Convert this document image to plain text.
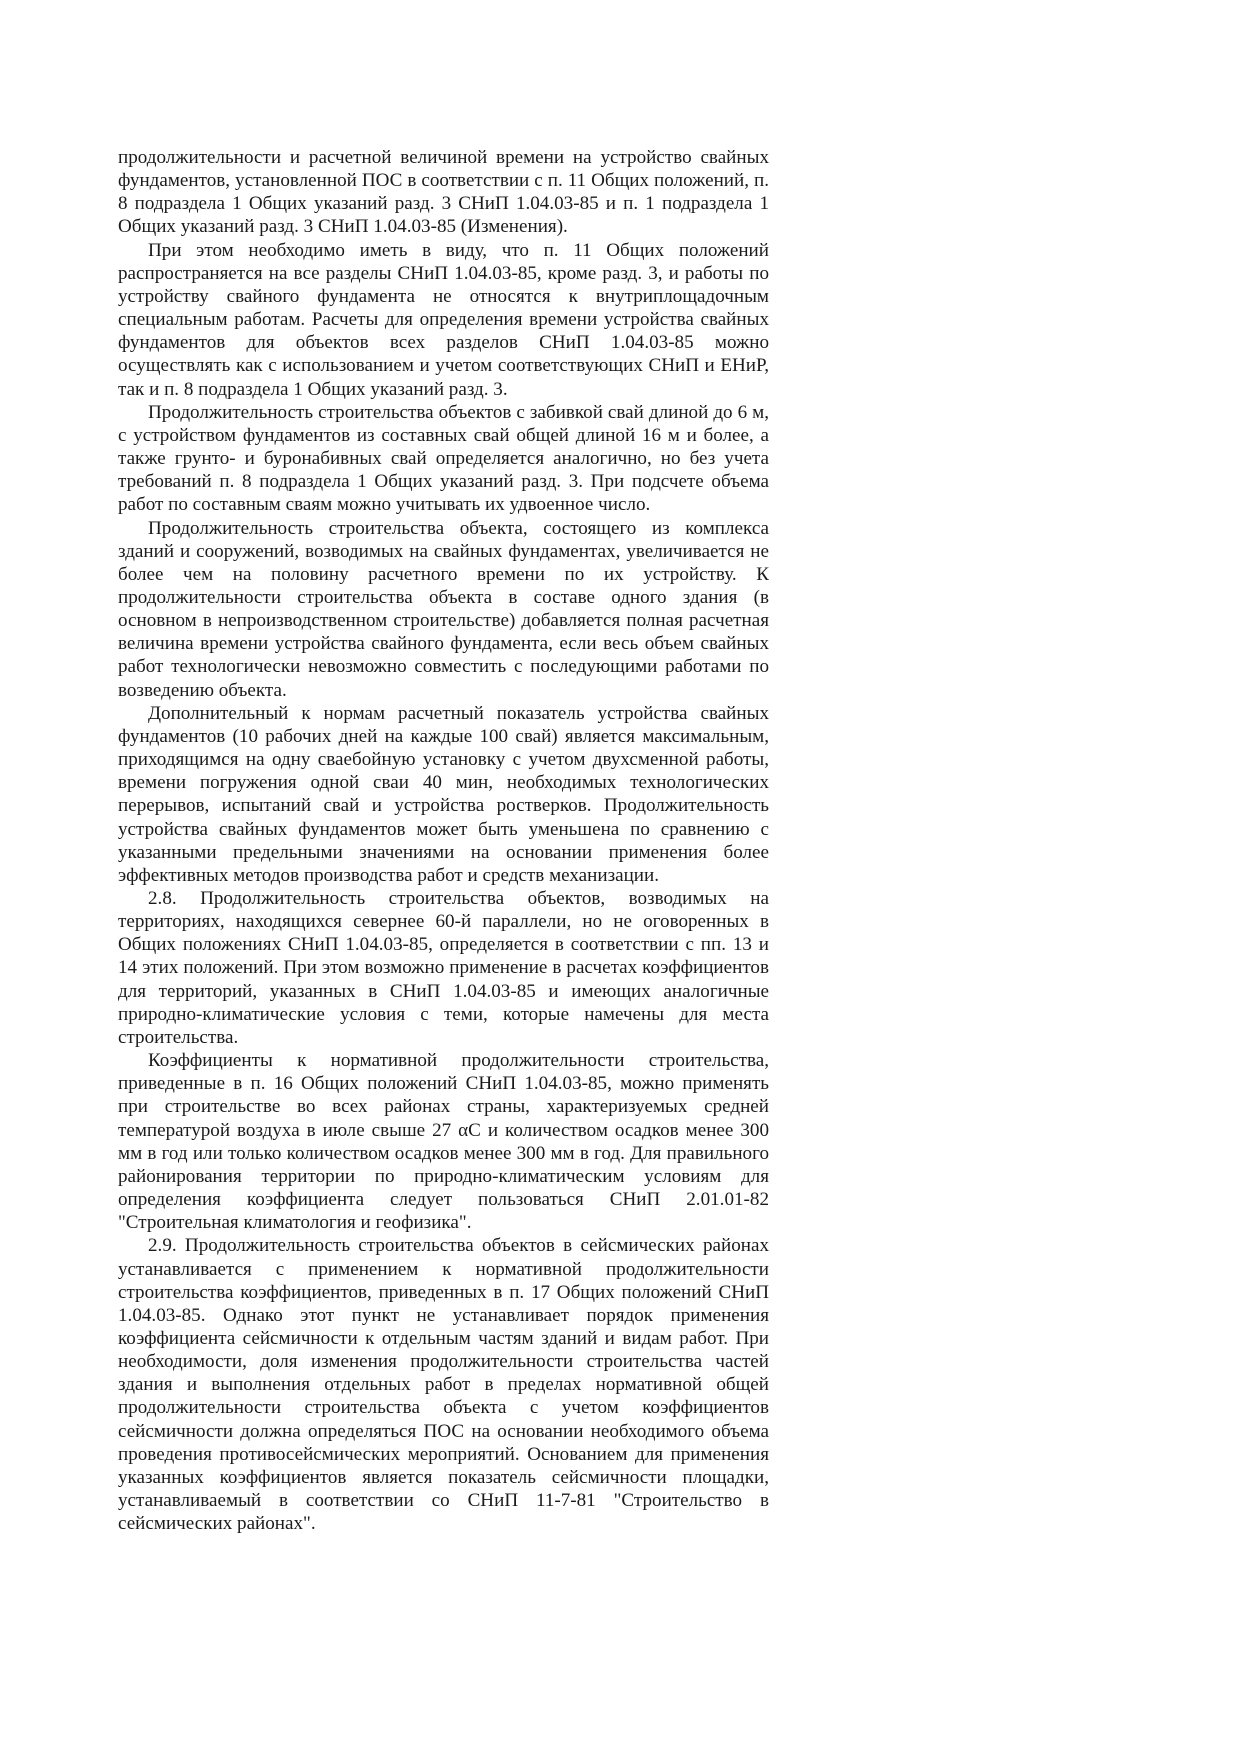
продолжительности и расчетной величиной времени на устройство свайных фундаментов, установленной ПОС в соответствии с п. 11 Общих положений, п. 8 подраздела 1 Общих указаний разд. 3 СНиП 1.04.03-85 и п. 1 подраздела 1 Общих указаний разд. 3 СНиП 1.04.03-85 (Изменения).

При этом необходимо иметь в виду, что п. 11 Общих положений распространяется на все разделы СНиП 1.04.03-85, кроме разд. 3, и работы по устройству свайного фундамента не относятся к внутриплощадочным специальным работам. Расчеты для определения времени устройства свайных фундаментов для объектов всех разделов СНиП 1.04.03-85 можно осуществлять как с использованием и учетом соответствующих СНиП и ЕНиР, так и п. 8 подраздела 1 Общих указаний разд. 3.

Продолжительность строительства объектов с забивкой свай длиной до 6 м, с устройством фундаментов из составных свай общей длиной 16 м и более, а также грунто- и буронабивных свай определяется аналогично, но без учета требований п. 8 подраздела 1 Общих указаний разд. 3. При подсчете объема работ по составным сваям можно учитывать их удвоенное число.

Продолжительность строительства объекта, состоящего из комплекса зданий и сооружений, возводимых на свайных фундаментах, увеличивается не более чем на половину расчетного времени по их устройству. К продолжительности строительства объекта в составе одного здания (в основном в непроизводственном строительстве) добавляется полная расчетная величина времени устройства свайного фундамента, если весь объем свайных работ технологически невозможно совместить с последующими работами по возведению объекта.

Дополнительный к нормам расчетный показатель устройства свайных фундаментов (10 рабочих дней на каждые 100 свай) является максимальным, приходящимся на одну сваебойную установку с учетом двухсменной работы, времени погружения одной сваи 40 мин, необходимых технологических перерывов, испытаний свай и устройства ростверков. Продолжительность устройства свайных фундаментов может быть уменьшена по сравнению с указанными предельными значениями на основании применения более эффективных методов производства работ и средств механизации.

2.8. Продолжительность строительства объектов, возводимых на территориях, находящихся севернее 60-й параллели, но не оговоренных в Общих положениях СНиП 1.04.03-85, определяется в соответствии с пп. 13 и 14 этих положений. При этом возможно применение в расчетах коэффициентов для территорий, указанных в СНиП 1.04.03-85 и имеющих аналогичные природно-климатические условия с теми, которые намечены для места строительства.

Коэффициенты к нормативной продолжительности строительства, приведенные в п. 16 Общих положений СНиП 1.04.03-85, можно применять при строительстве во всех районах страны, характеризуемых средней температурой воздуха в июле свыше 27 αС и количеством осадков менее 300 мм в год или только количеством осадков менее 300 мм в год. Для правильного районирования территории по природно-климатическим условиям для определения коэффициента следует пользоваться СНиП 2.01.01-82 "Строительная климатология и геофизика".

2.9. Продолжительность строительства объектов в сейсмических районах устанавливается с применением к нормативной продолжительности строительства коэффициентов, приведенных в п. 17 Общих положений СНиП 1.04.03-85. Однако этот пункт не устанавливает порядок применения коэффициента сейсмичности к отдельным частям зданий и видам работ. При необходимости, доля изменения продолжительности строительства частей здания и выполнения отдельных работ в пределах нормативной общей продолжительности строительства объекта с учетом коэффициентов сейсмичности должна определяться ПОС на основании необходимого объема проведения противосейсмических мероприятий. Основанием для применения указанных коэффициентов является показатель сейсмичности площадки, устанавливаемый в соответствии со СНиП 11-7-81 "Строительство в сейсмических районах".
